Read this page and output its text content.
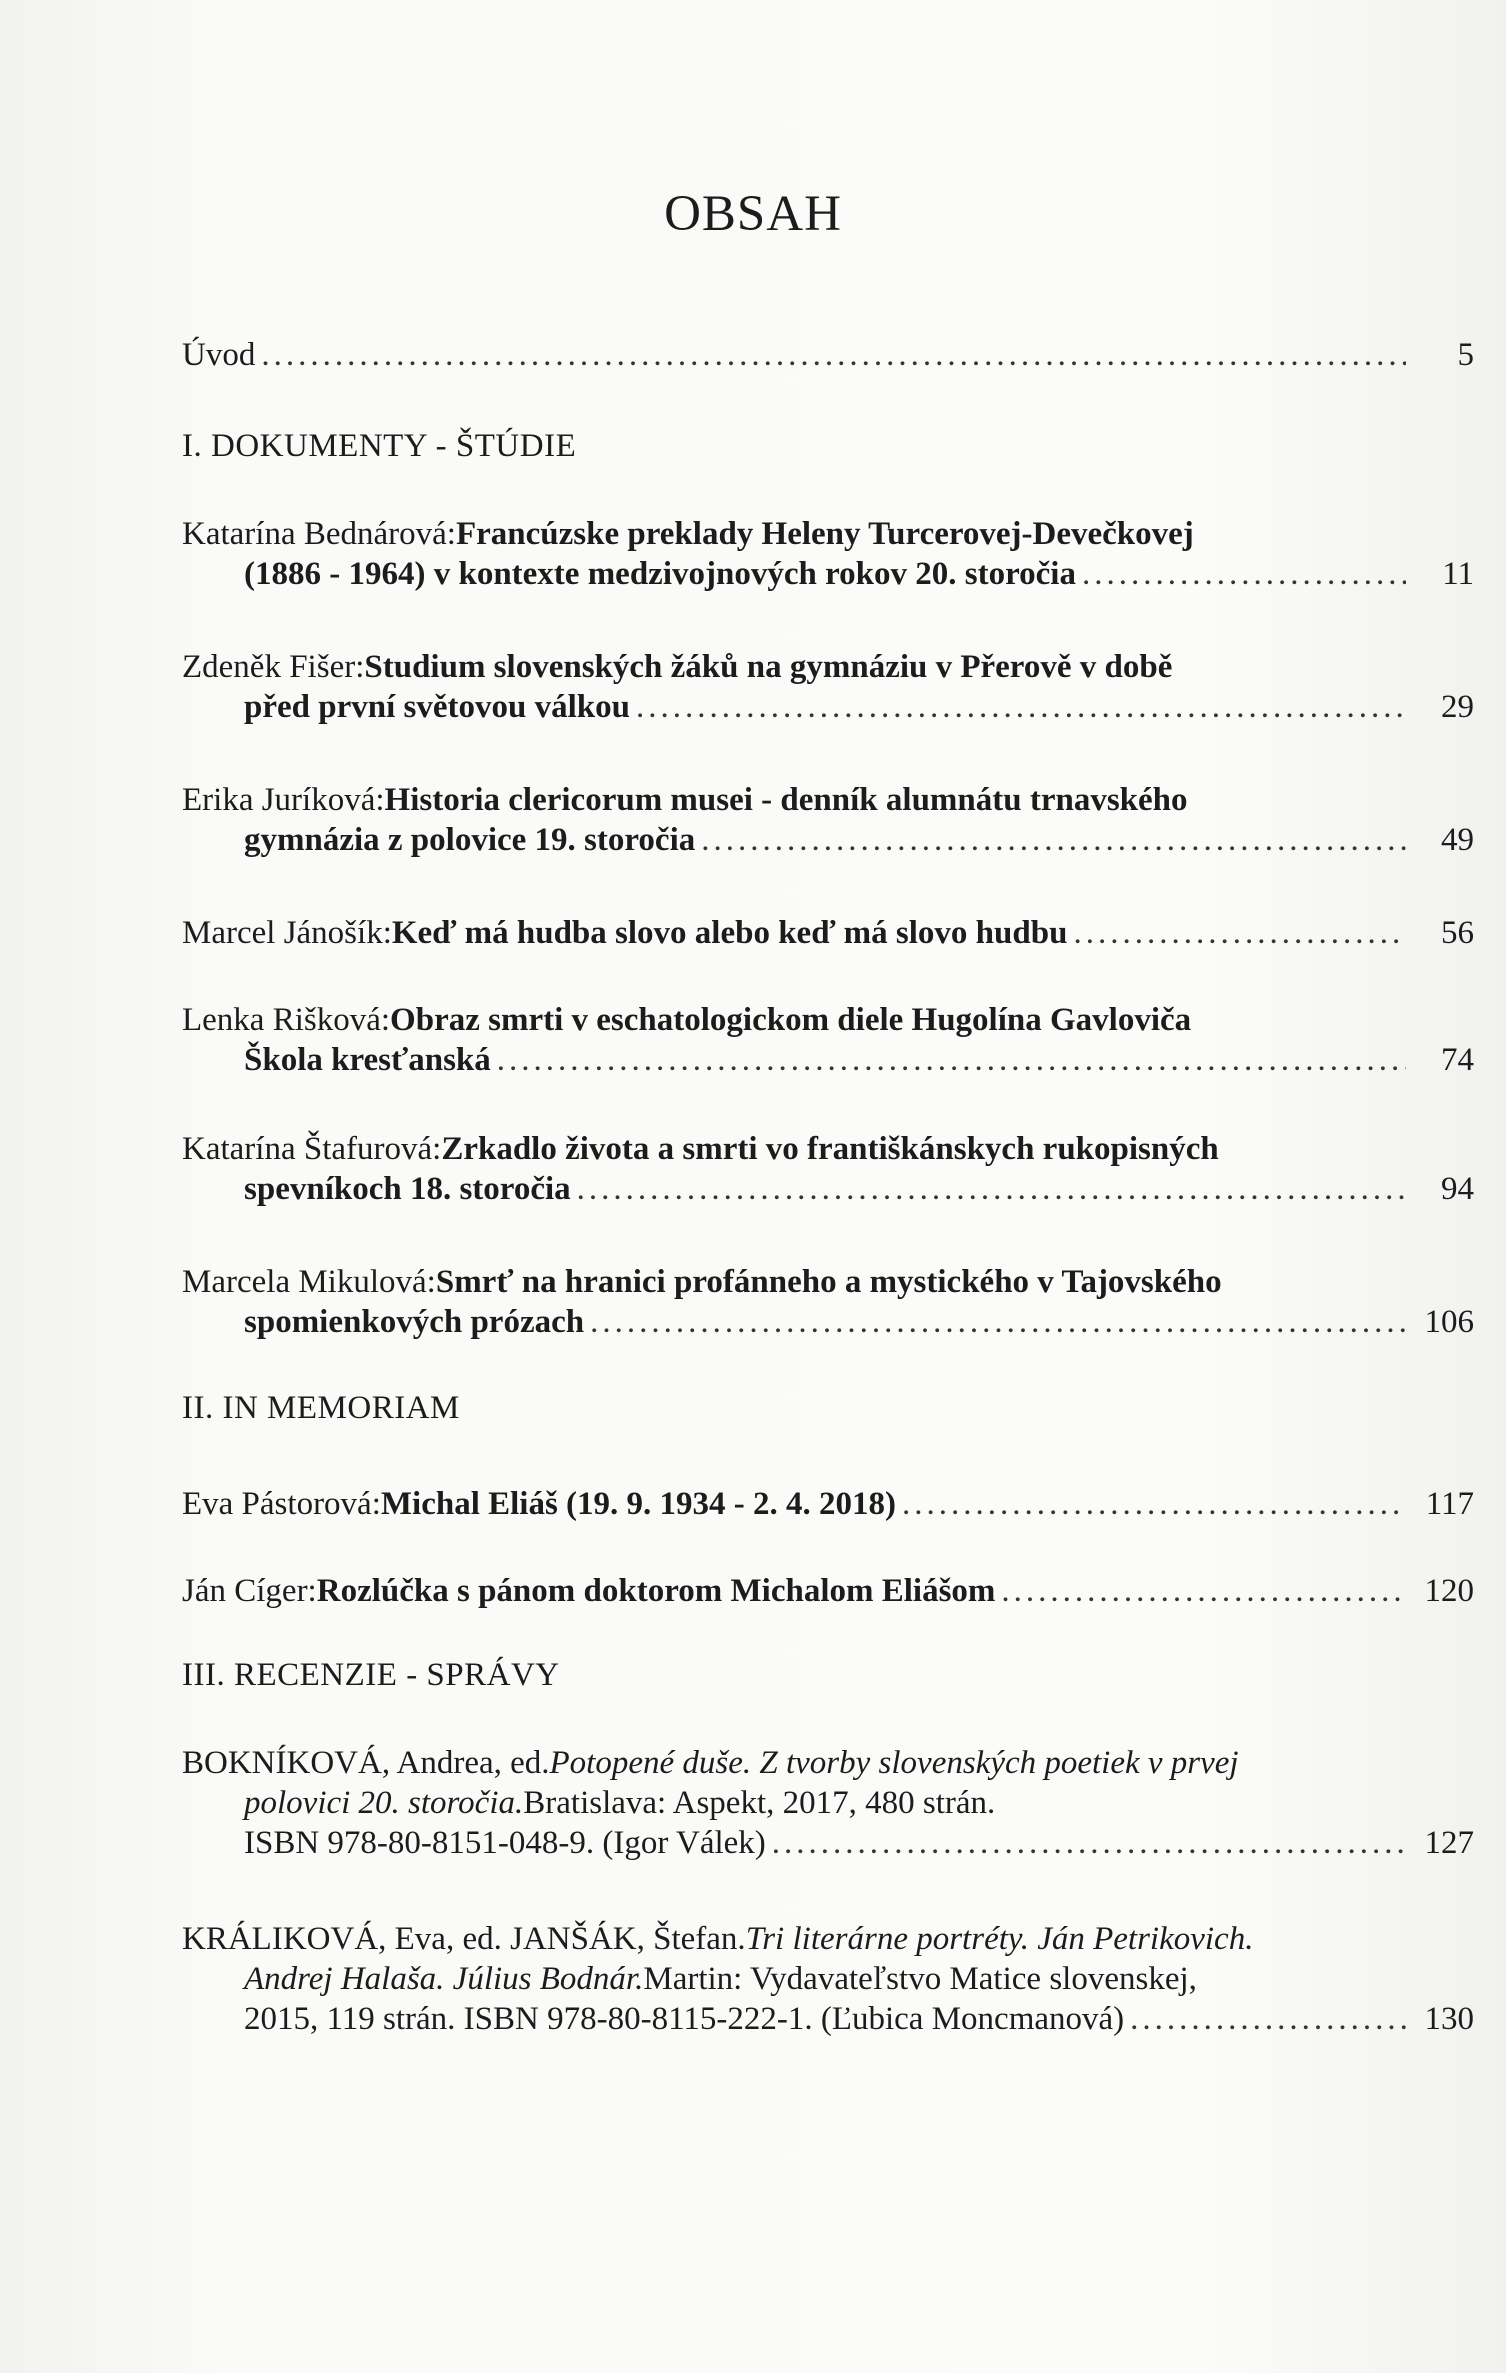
OBSAH
Úvod .....	5
I. DOKUMENTY - ŠTÚDIE
Katarína Bednárová: Francúzske preklady Heleny Turcerovej-Devečkovej
(1886 - 1964) v kontexte medzivojnových rokov 20. storočia .....	11
Zdeněk Fišer: Studium slovenských žáků na gymnáziu v Přerově v době
před první světovou válkou .....	29
Erika Juríková: Historia clericorum musei - denník alumnátu trnavského
gymnázia z polovice 19. storočia .....	49
Marcel Jánošík: Keď má hudba slovo alebo keď má slovo hudbu .....	56
Lenka Rišková: Obraz smrti v eschatologickom diele Hugolína Gavloviča
Škola kresťanská .....	74
Katarína Štafurová: Zrkadlo života a smrti vo františkánskych rukopisných
spevníkoch 18. storočia .....	94
Marcela Mikulová: Smrť na hranici profánneho a mystického v Tajovského
spomienkových prózach .....	106
II. IN MEMORIAM
Eva Pástorová: Michal Eliáš (19. 9. 1934 - 2. 4. 2018) .....	117
Ján Cíger: Rozlúčka s pánom doktorom Michalom Eliášom .....	120
III. RECENZIE - SPRÁVY
BOKNÍKOVÁ, Andrea, ed. Potopené duše. Z tvorby slovenských poetiek v prvej
polovici 20. storočia. Bratislava: Aspekt, 2017, 480 strán.
ISBN 978-80-8151-048-9. (Igor Válek) .....	127
KRÁLIKOVÁ, Eva, ed. JANŠÁK, Štefan. Tri literárne portréty. Ján Petrikovich.
Andrej Halaša. Július Bodnár. Martin: Vydavateľstvo Matice slovenskej,
2015, 119 strán. ISBN 978-80-8115-222-1. (Ľubica Moncmanová) .....	130
